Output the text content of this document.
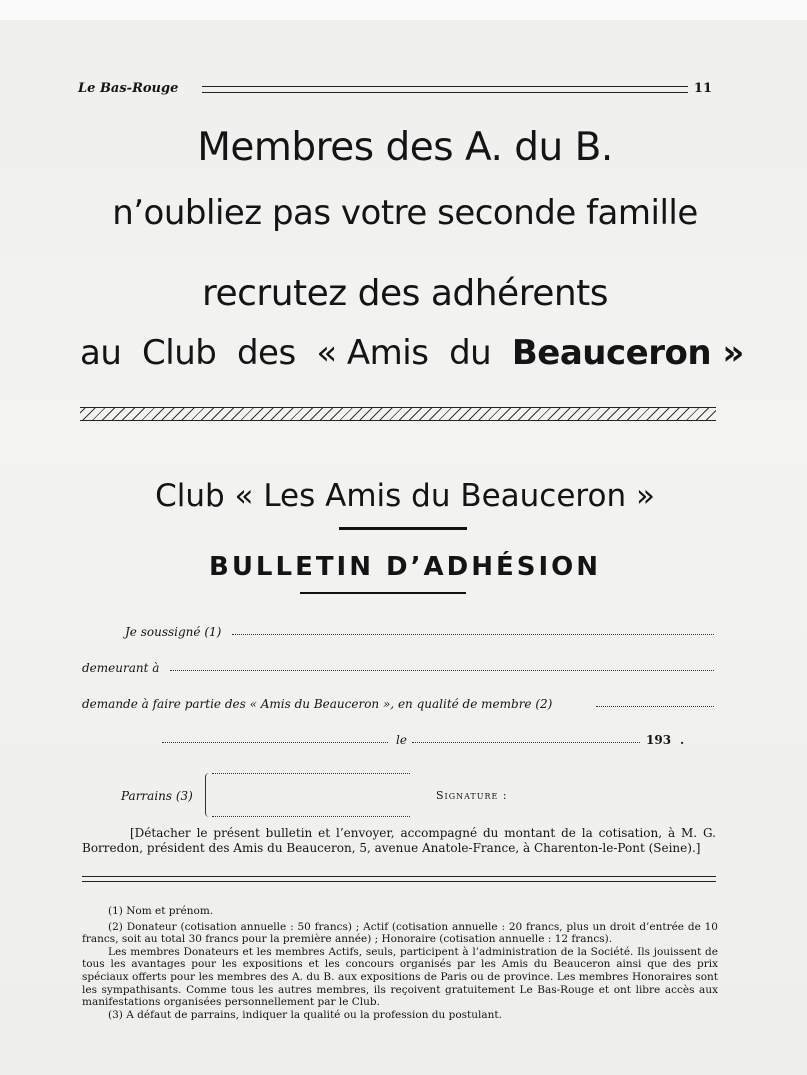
Le Bas-Rouge	11
Membres des A. du B.
n’oubliez pas votre seconde famille
recrutez des adhérents
au Club des « Amis du Beauceron »
Club « Les Amis du Beauceron »
BULLETIN D’ADHÉSION
Je soussigné (1)
demeurant à
demande à faire partie des « Amis du Beauceron », en qualité de membre (2)
le	193 .
Parrains (3)	Signature :
[Détacher le présent bulletin et l’envoyer, accompagné du montant de la cotisation, à M. G. Borredon, président des Amis du Beauceron, 5, avenue Anatole-France, à Charenton-le-Pont (Seine).]

(1) Nom et prénom.

(2) Donateur (cotisation annuelle : 50 francs) ; Actif (cotisation annuelle : 20 francs, plus un droit d’entrée de 10 francs, soit au total 30 francs pour la première année) ; Honoraire (cotisation annuelle : 12 francs).

Les membres Donateurs et les membres Actifs, seuls, participent à l’administration de la Société. Ils jouissent de tous les avantages pour les expositions et les concours organisés par les Amis du Beauceron ainsi que des prix spéciaux offerts pour les membres des A. du B. aux expositions de Paris ou de province. Les membres Honoraires sont les sympathisants. Comme tous les autres membres, ils reçoivent gratuitement Le Bas-Rouge et ont libre accès aux manifestations organisées personnellement par le Club.

(3) A défaut de parrains, indiquer la qualité ou la profession du postulant.
